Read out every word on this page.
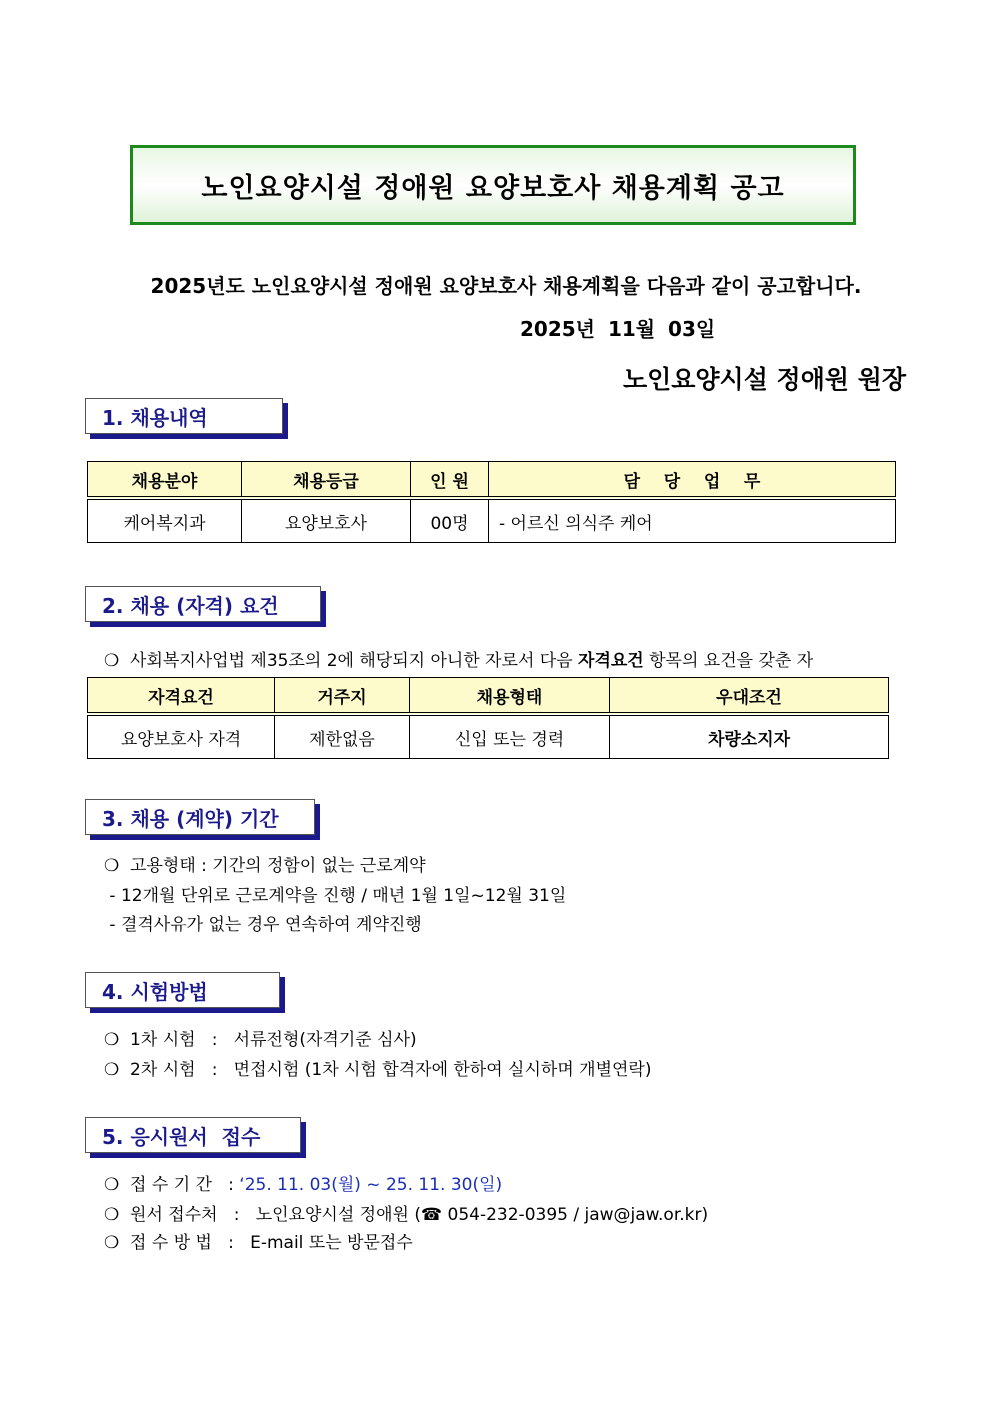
노인요양시설 정애원 요양보호사 채용계획 공고
2025년도 노인요양시설 정애원 요양보호사 채용계획을 다음과 같이 공고합니다.
2025년 11월 03일
노인요양시설 정애원 원장
1. 채용내역
채용분야	채용등급	인 원	담    당    업    무
케어복지과	요양보호사	00명	- 어르신 의식주 케어
2. 채용 (자격) 요건
❍  사회복지사업법 제35조의 2에 해당되지 아니한 자로서 다음 자격요건 항목의 요건을 갖춘 자
자격요건	거주지	채용형태	우대조건
요양보호사 자격	제한없음	신입 또는 경력	차량소지자
3. 채용 (계약) 기간
❍  고용형태 : 기간의 정함이 없는 근로계약
- 12개월 단위로 근로계약을 진행 / 매년 1월 1일~12월 31일
- 결격사유가 없는 경우 연속하여 계약진행
4. 시험방법
❍  1차 시험   :   서류전형(자격기준 심사)
❍  2차 시험   :   면접시험 (1차 시험 합격자에 한하여 실시하며 개별연락)
5. 응시원서  접수
❍  접 수 기 간   : ‘25. 11. 03(월) ~ 25. 11. 30(일)
❍  원서 접수처   :   노인요양시설 정애원 (☎ 054-232-0395 / jaw@jaw.or.kr)
❍  접 수 방 법   :   E-mail 또는 방문접수
